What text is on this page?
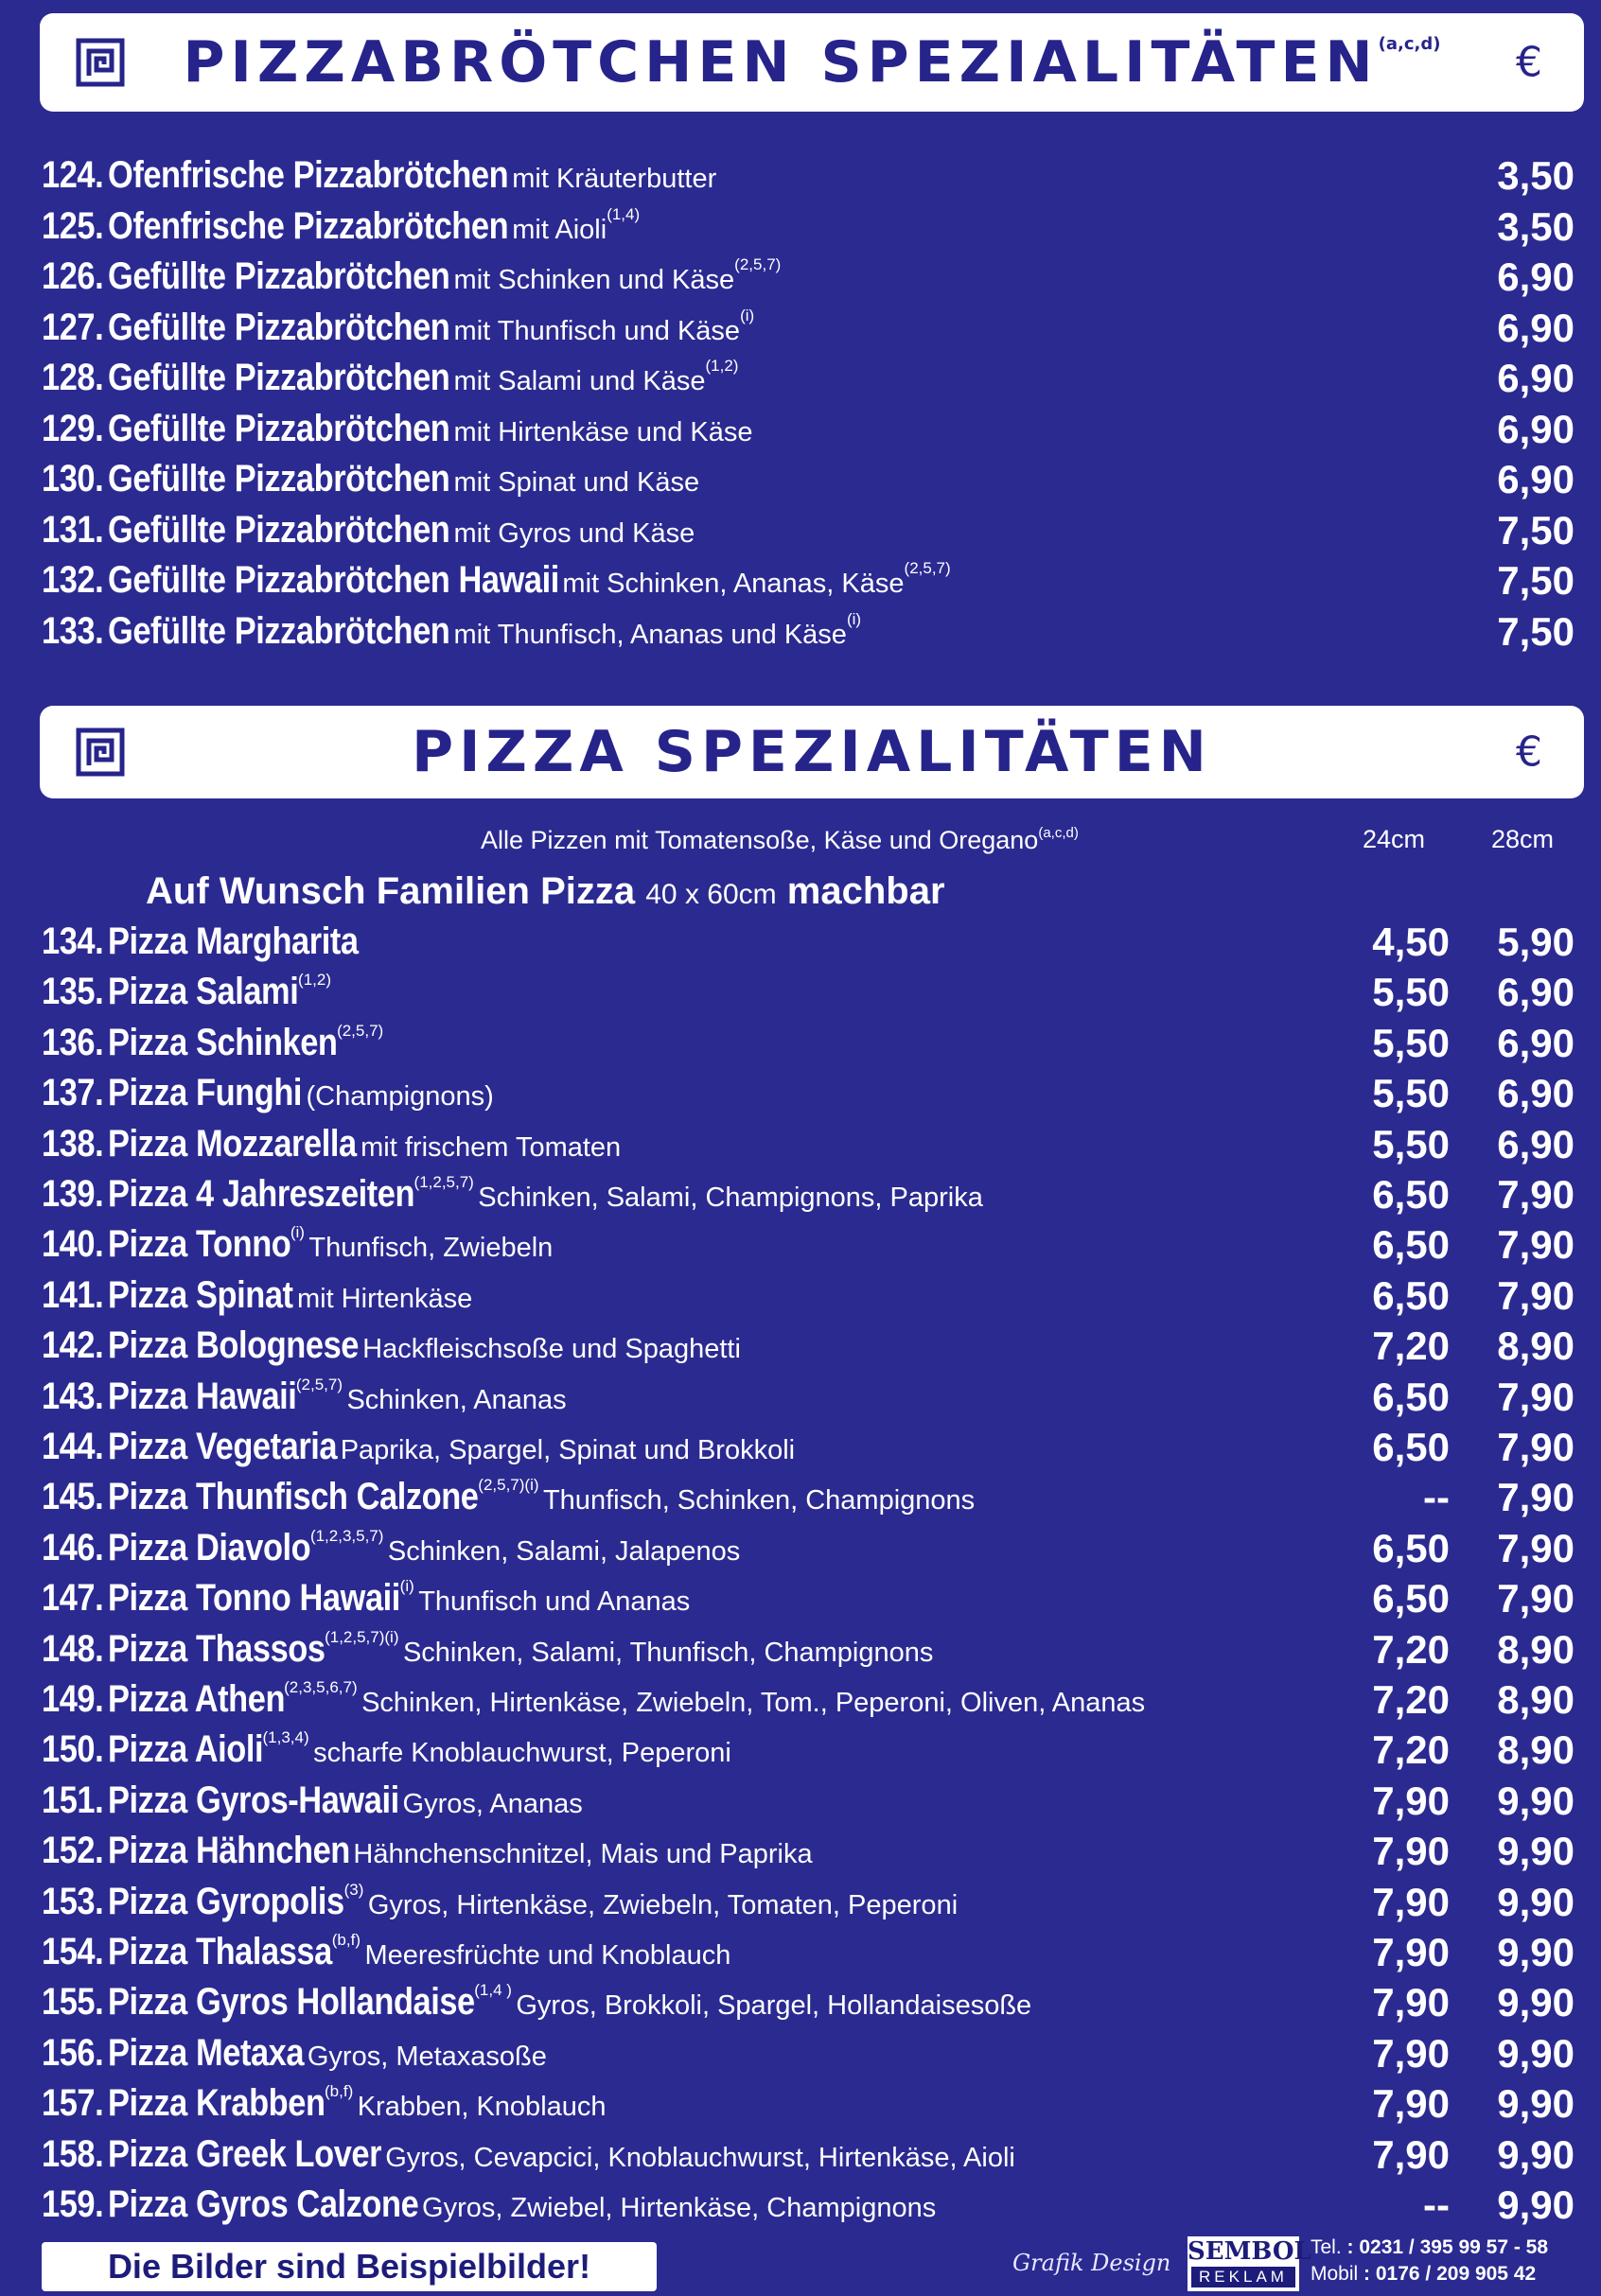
PIZZABRÖTCHEN SPEZIALITÄTEN$^{(a,c,d)}$	€
124. Ofenfrische Pizzabrötchen mit Kräuterbutter	3,50
125. Ofenfrische Pizzabrötchen mit Aioli$^{(1,4)}$	3,50
126. Gefüllte Pizzabrötchen mit Schinken und Käse$^{(2,5,7)}$	6,90
127. Gefüllte Pizzabrötchen mit Thunfisch und Käse$^{(i)}$	6,90
128. Gefüllte Pizzabrötchen mit Salami und Käse$^{(1,2)}$	6,90
129. Gefüllte Pizzabrötchen mit Hirtenkäse und Käse	6,90
130. Gefüllte Pizzabrötchen mit Spinat und Käse	6,90
131. Gefüllte Pizzabrötchen mit Gyros und Käse	7,50
132. Gefüllte Pizzabrötchen Hawaii mit Schinken, Ananas, Käse$^{(2,5,7)}$	7,50
133. Gefüllte Pizzabrötchen mit Thunfisch, Ananas und Käse$^{(i)}$	7,50
PIZZA SPEZIALITÄTEN	€
Alle Pizzen mit Tomatensoße, Käse und Oregano$^{(a,c,d)}$	24cm	28cm
Auf Wunsch Familien Pizza 40 x 60cm machbar
134. Pizza Margharita	4,50	5,90
135. Pizza Salami$^{(1,2)}$	5,50	6,90
136. Pizza Schinken$^{(2,5,7)}$	5,50	6,90
137. Pizza Funghi (Champignons)	5,50	6,90
138. Pizza Mozzarella mit frischem Tomaten	5,50	6,90
139. Pizza 4 Jahreszeiten$^{(1,2,5,7)}$ Schinken, Salami, Champignons, Paprika	6,50	7,90
140. Pizza Tonno$^{(i)}$ Thunfisch, Zwiebeln	6,50	7,90
141. Pizza Spinat mit Hirtenkäse	6,50	7,90
142. Pizza Bolognese Hackfleischsoße und Spaghetti	7,20	8,90
143. Pizza Hawaii$^{(2,5,7)}$ Schinken, Ananas	6,50	7,90
144. Pizza Vegetaria Paprika, Spargel, Spinat und Brokkoli	6,50	7,90
145. Pizza Thunfisch Calzone$^{(2,5,7)(i)}$ Thunfisch, Schinken, Champignons	--	7,90
146. Pizza Diavolo$^{(1,2,3,5,7)}$ Schinken, Salami, Jalapenos	6,50	7,90
147. Pizza Tonno Hawaii$^{(i)}$ Thunfisch und Ananas	6,50	7,90
148. Pizza Thassos$^{(1,2,5,7)(i)}$ Schinken, Salami, Thunfisch, Champignons	7,20	8,90
149. Pizza Athen$^{(2,3,5,6,7)}$ Schinken, Hirtenkäse, Zwiebeln, Tom., Peperoni, Oliven, Ananas	7,20	8,90
150. Pizza Aioli$^{(1,3,4)}$ scharfe Knoblauchwurst, Peperoni	7,20	8,90
151. Pizza Gyros-Hawaii Gyros, Ananas	7,90	9,90
152. Pizza Hähnchen Hähnchenschnitzel, Mais und Paprika	7,90	9,90
153. Pizza Gyropolis$^{(3)}$ Gyros, Hirtenkäse, Zwiebeln, Tomaten, Peperoni	7,90	9,90
154. Pizza Thalassa$^{(b,f)}$ Meeresfrüchte und Knoblauch	7,90	9,90
155. Pizza Gyros Hollandaise$^{(1,4 )}$ Gyros, Brokkoli, Spargel, Hollandaisesoße	7,90	9,90
156. Pizza Metaxa Gyros, Metaxasoße	7,90	9,90
157. Pizza Krabben$^{(b,f)}$ Krabben, Knoblauch	7,90	9,90
158. Pizza Greek Lover Gyros, Cevapcici, Knoblauchwurst, Hirtenkäse, Aioli	7,90	9,90
159. Pizza Gyros Calzone Gyros, Zwiebel, Hirtenkäse, Champignons	--	9,90
Die Bilder sind Beispielbilder!	Grafik Design SEMBOL
REKLAM
Tel. : 0231 / 395 99 57 - 58
Mobil : 0176 / 209 905 42
